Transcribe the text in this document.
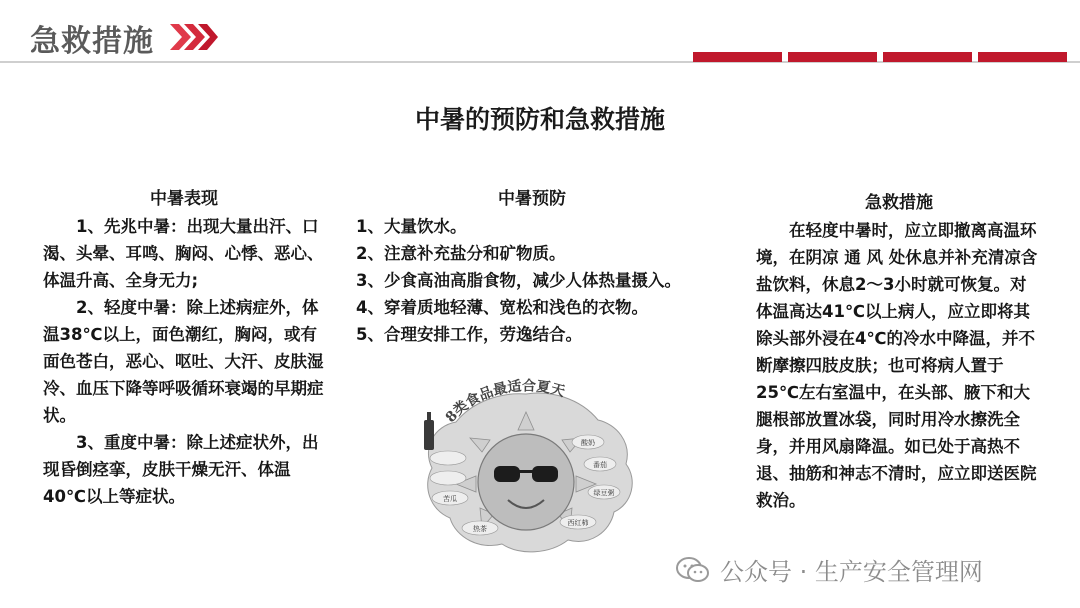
急救措施
中暑的预防和急救措施
中暑表现

1、先兆中暑：出现大量出汗、口渴、头晕、耳鸣、胸闷、心悸、恶心、体温升高、全身无力;

2、轻度中暑：除上述病症外，体温38℃以上，面色潮红，胸闷，或有面色苍白，恶心、呕吐、大汗、皮肤湿冷、血压下降等呼吸循环衰竭的早期症状。

3、重度中暑：除上述症状外，出现昏倒痉挛，皮肤干燥无汗、体温40℃以上等症状。

中暑预防
1、大量饮水。
2、注意补充盐分和矿物质。
3、少食高油高脂食物，减少人体热量摄入。
4、穿着质地轻薄、宽松和浅色的衣物。
5、合理安排工作，劳逸结合。
8类食品最适合夏天
酸奶
番茄
绿豆粥
热茶
苦瓜
西红柿
急救措施

在轻度中暑时，应立即撤离高温环境，在阴凉 通 风 处休息并补充清凉含盐饮料，休息2～3小时就可恢复。对体温高达41℃以上病人，应立即将其除头部外浸在4℃的冷水中降温，并不断摩擦四肢皮肤；也可将病人置于25℃左右室温中，在头部、腋下和大腿根部放置冰袋，同时用冷水擦洗全身，并用风扇降温。如已处于高热不退、抽筋和神志不清时，应立即送医院救治。

公众号 · 生产安全管理网
